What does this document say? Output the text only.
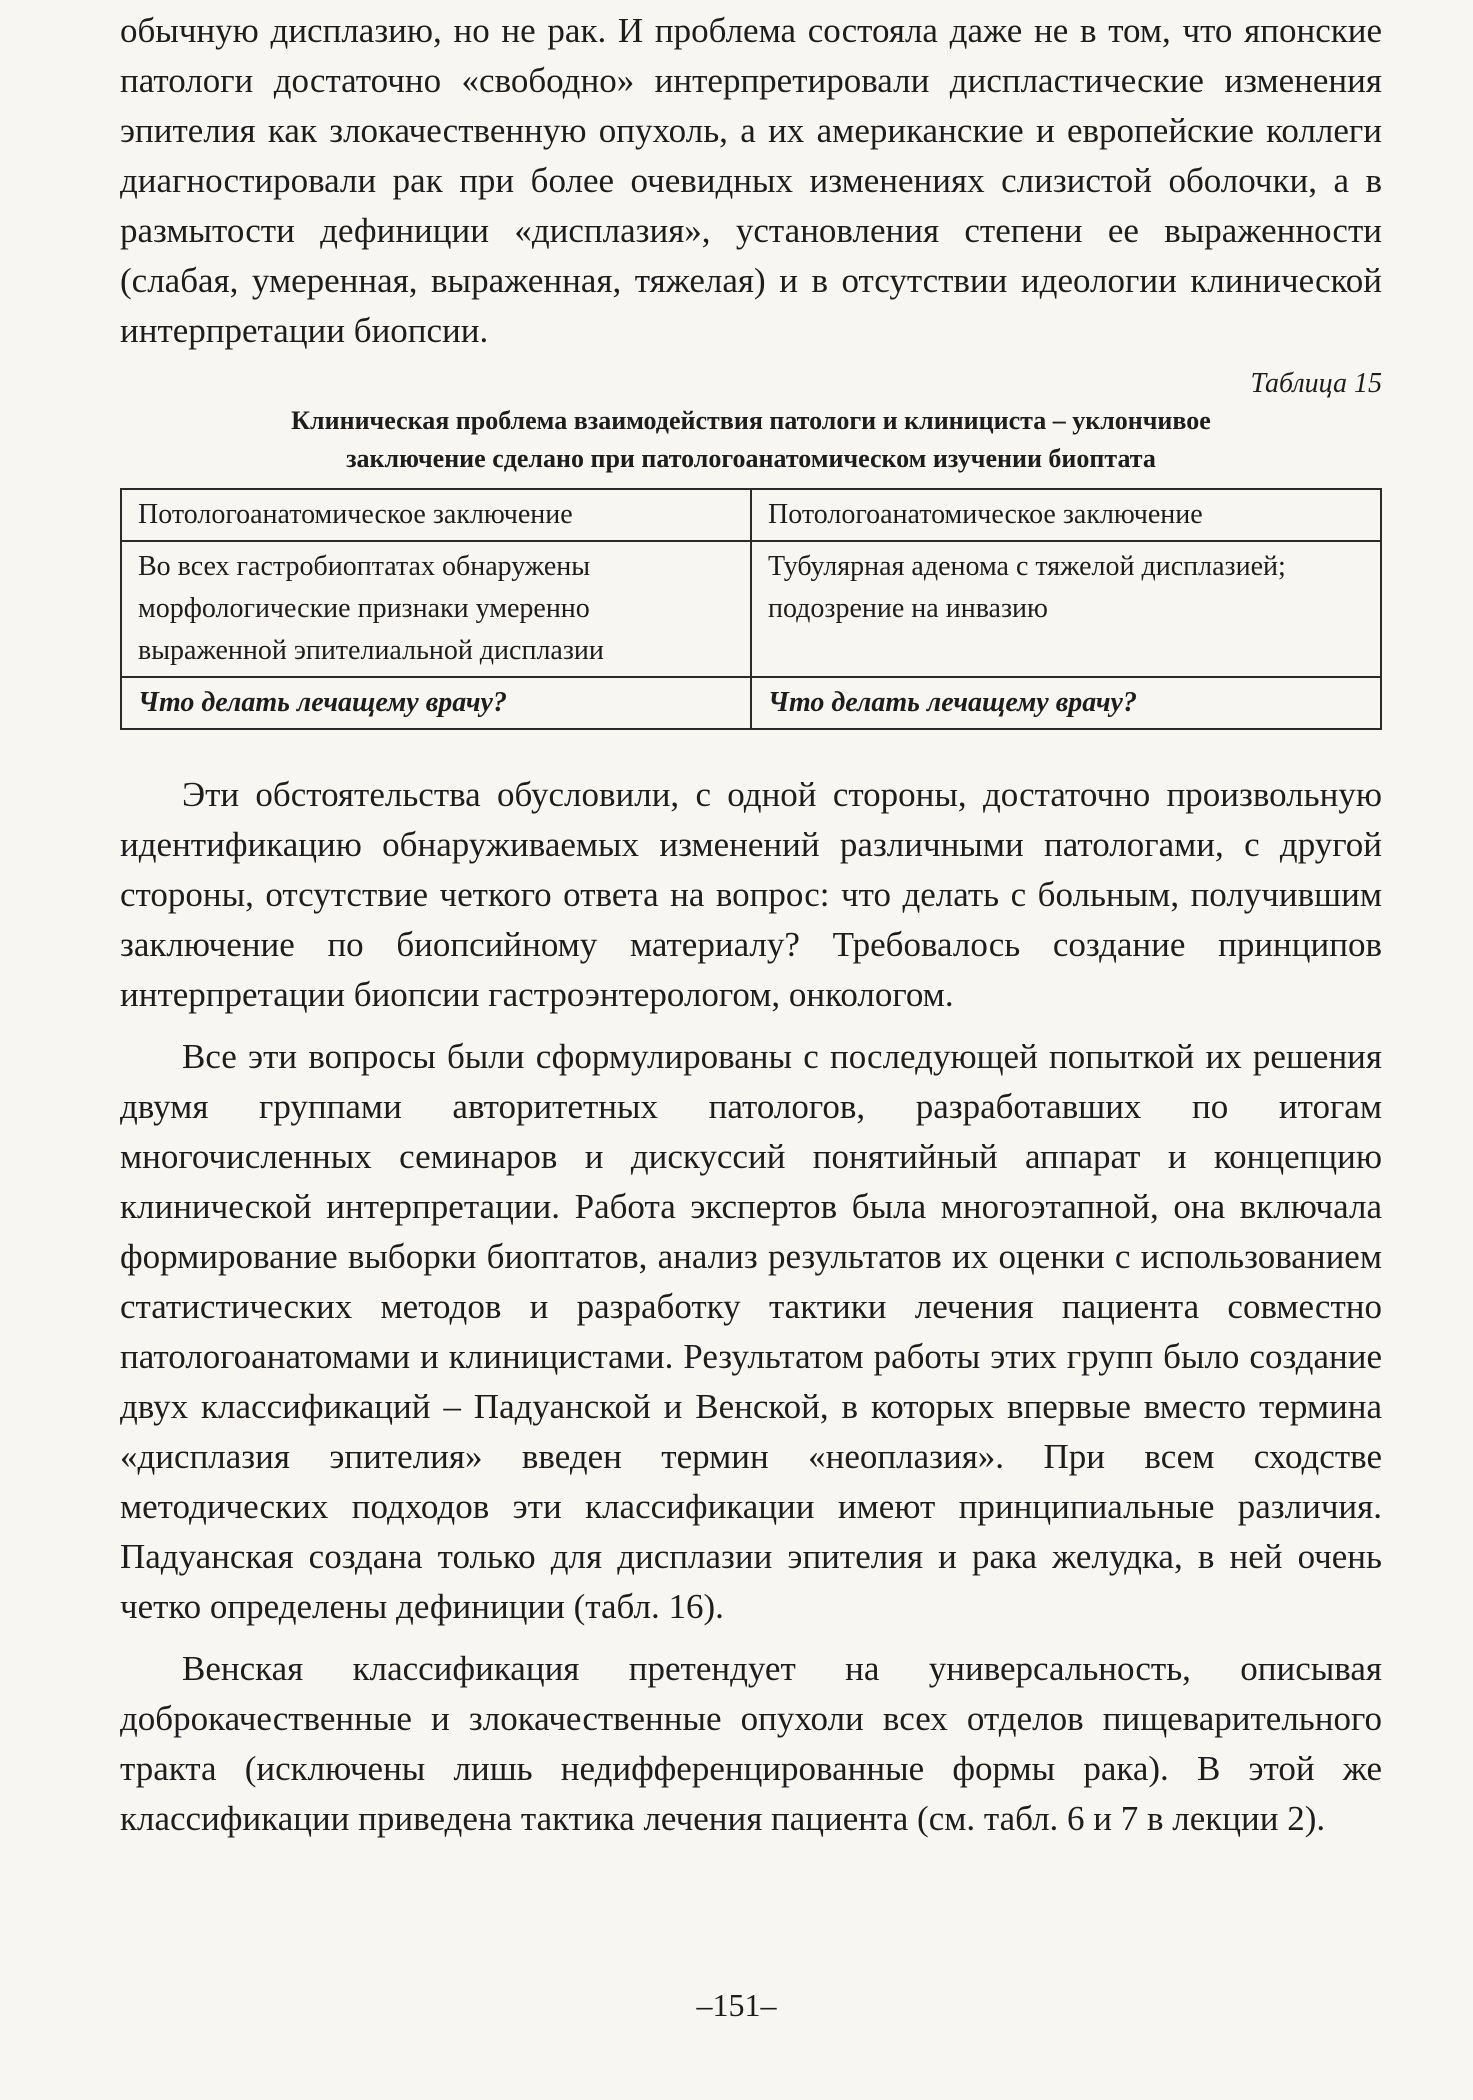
обычную дисплазию, но не рак. И проблема состояла даже не в том, что японские патологи достаточно «свободно» интерпретировали диспластические изменения эпителия как злокачественную опухоль, а их американские и европейские коллеги диагностировали рак при более очевидных изменениях слизистой оболочки, а в размытости дефиниции «дисплазия», установления степени ее выраженности (слабая, умеренная, выраженная, тяжелая) и в отсутствии идеологии клинической интерпретации биопсии.

Таблица 15
Клиническая проблема взаимодействия патологи и клинициста – уклончивое
заключение сделано при патологоанатомическом изучении биоптата
Потологоанатомическое заключение	Потологоанатомическое заключение
Во всех гастробиоптатах обнаружены морфологические признаки умеренно выраженной эпителиальной дисплазии	Тубулярная аденома с тяжелой дисплазией; подозрение на инвазию
Что делать лечащему врачу?	Что делать лечащему врачу?

Эти обстоятельства обусловили, с одной стороны, достаточно произвольную идентификацию обнаруживаемых изменений различными патологами, с другой стороны, отсутствие четкого ответа на вопрос: что делать с больным, получившим заключение по биопсийному материалу? Требовалось создание принципов интерпретации биопсии гастроэнтерологом, онкологом.

Все эти вопросы были сформулированы с последующей попыткой их решения двумя группами авторитетных патологов, разработавших по итогам многочисленных семинаров и дискуссий понятийный аппарат и концепцию клинической интерпретации. Работа экспертов была многоэтапной, она включала формирование выборки биоптатов, анализ результатов их оценки с использованием статистических методов и разработку тактики лечения пациента совместно патологоанатомами и клиницистами. Результатом работы этих групп было создание двух классификаций – Падуанской и Венской, в которых впервые вместо термина «дисплазия эпителия» введен термин «неоплазия». При всем сходстве методических подходов эти классификации имеют принципиальные различия. Падуанская создана только для дисплазии эпителия и рака желудка, в ней очень четко определены дефиниции (табл. 16).

Венская классификация претендует на универсальность, описывая доброкачественные и злокачественные опухоли всех отделов пищеварительного тракта (исключены лишь недифференцированные формы рака). В этой же классификации приведена тактика лечения пациента (см. табл. 6 и 7 в лекции 2).

–151–
